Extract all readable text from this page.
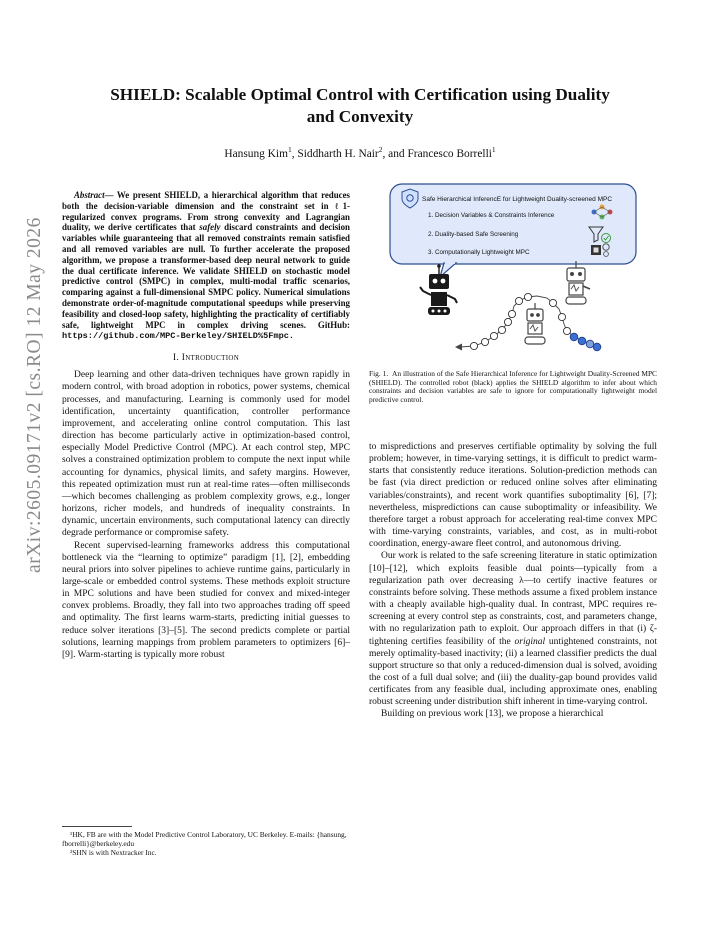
arXiv:2605.09171v2 [cs.RO] 12 May 2026
SHIELD: Scalable Optimal Control with Certification using Duality
and Convexity
Hansung Kim$^1$, Siddharth H. Nair$^2$, and Francesco Borrelli$^1$
Abstract— We present SHIELD, a hierarchical algorithm that reduces both the decision-variable dimension and the constraint set in ℓ1-regularized convex programs. From strong convexity and Lagrangian duality, we derive certificates that safely discard constraints and decision variables while guaranteeing that all removed constraints remain satisfied and all removed variables are null. To further accelerate the proposed algorithm, we propose a transformer-based deep neural network to guide the dual certificate inference. We validate SHIELD on stochastic model predictive control (SMPC) in complex, multi-modal traffic scenarios, comparing against a full-dimensional SMPC policy. Numerical simulations demonstrate order-of-magnitude computational speedups while preserving feasibility and closed-loop safety, highlighting the practicality of certifiably safe, lightweight MPC in complex driving scenes. GitHub: https://github.com/MPC-Berkeley/SHIELD%5Fmpc.
I. Introduction

Deep learning and other data-driven techniques have grown rapidly in modern control, with broad adoption in robotics, power systems, chemical processes, and manufacturing. Learning is commonly used for model identification, uncertainty quantification, controller performance improvement, and accelerating online control computation. This last direction has become particularly active in optimization-based control, especially Model Predictive Control (MPC). At each control step, MPC solves a constrained optimization problem to compute the next input while accounting for dynamics, physical limits, and safety margins. However, this repeated optimization must run at real-time rates—often milliseconds—which becomes challenging as problem complexity grows, e.g., longer horizons, richer models, and hundreds of inequality constraints. In dynamic, uncertain environments, such computational latency can directly degrade performance or compromise safety.

Recent supervised-learning frameworks address this computational bottleneck via the “learning to optimize” paradigm [1], [2], embedding neural priors into solver pipelines to achieve runtime gains, particularly in large-scale or embedded control systems. These methods exploit structure in MPC solutions and have been studied for convex and mixed-integer convex problems. Broadly, they fall into two approaches trading off speed and optimality. The first learns warm-starts, predicting initial guesses to reduce solver iterations [3]–[5]. The second predicts complete or partial solutions, learning mappings from problem parameters to optimizers [6]–[9]. Warm-starting is typically more robust

¹HK, FB are with the Model Predictive Control Laboratory, UC Berkeley. E-mails: {hansung, fborrelli}@berkeley.edu
²SHN is with Nextracker Inc.
Safe Hierarchical InferencE for Lightweight Duality-screened MPC
1. Decision Variables & Constraints Inference
2. Duality-based Safe Screening
3. Computationally Lightweight MPC
Fig. 1. An illustration of the Safe Hierarchical Inference for Lightweight Duality-Screened MPC (SHIELD). The controlled robot (black) applies the SHIELD algorithm to infer about which constraints and decision variables are safe to ignore for computationally lightweight model predictive control.

to mispredictions and preserves certifiable optimality by solving the full problem; however, in time-varying settings, it is difficult to predict warm-starts that consistently reduce iterations. Solution-prediction methods can be fast (via direct prediction or reduced online solves after eliminating variables/constraints), and recent work quantifies suboptimality [6], [7]; nevertheless, mispredictions can cause suboptimality or infeasibility. We therefore target a robust approach for accelerating real-time convex MPC with time-varying constraints, variables, and cost, as in multi-robot coordination, energy-aware fleet control, and autonomous driving.

Our work is related to the safe screening literature in static optimization [10]–[12], which exploits feasible dual points—typically from a regularization path over decreasing λ—to certify inactive features or constraints before solving. These methods assume a fixed problem instance with a cheaply available high-quality dual. In contrast, MPC requires re-screening at every control step as constraints, cost, and parameters change, with no regularization path to exploit. Our approach differs in that (i) ζ-tightening certifies feasibility of the original untightened constraints, not merely optimality-based inactivity; (ii) a learned classifier predicts the dual support structure so that only a reduced-dimension dual is solved, avoiding the cost of a full dual solve; and (iii) the duality-gap bound provides valid certificates from any feasible dual, including approximate ones, enabling robust screening under distribution shift inherent in time-varying control.

Building on previous work [13], we propose a hierarchical
